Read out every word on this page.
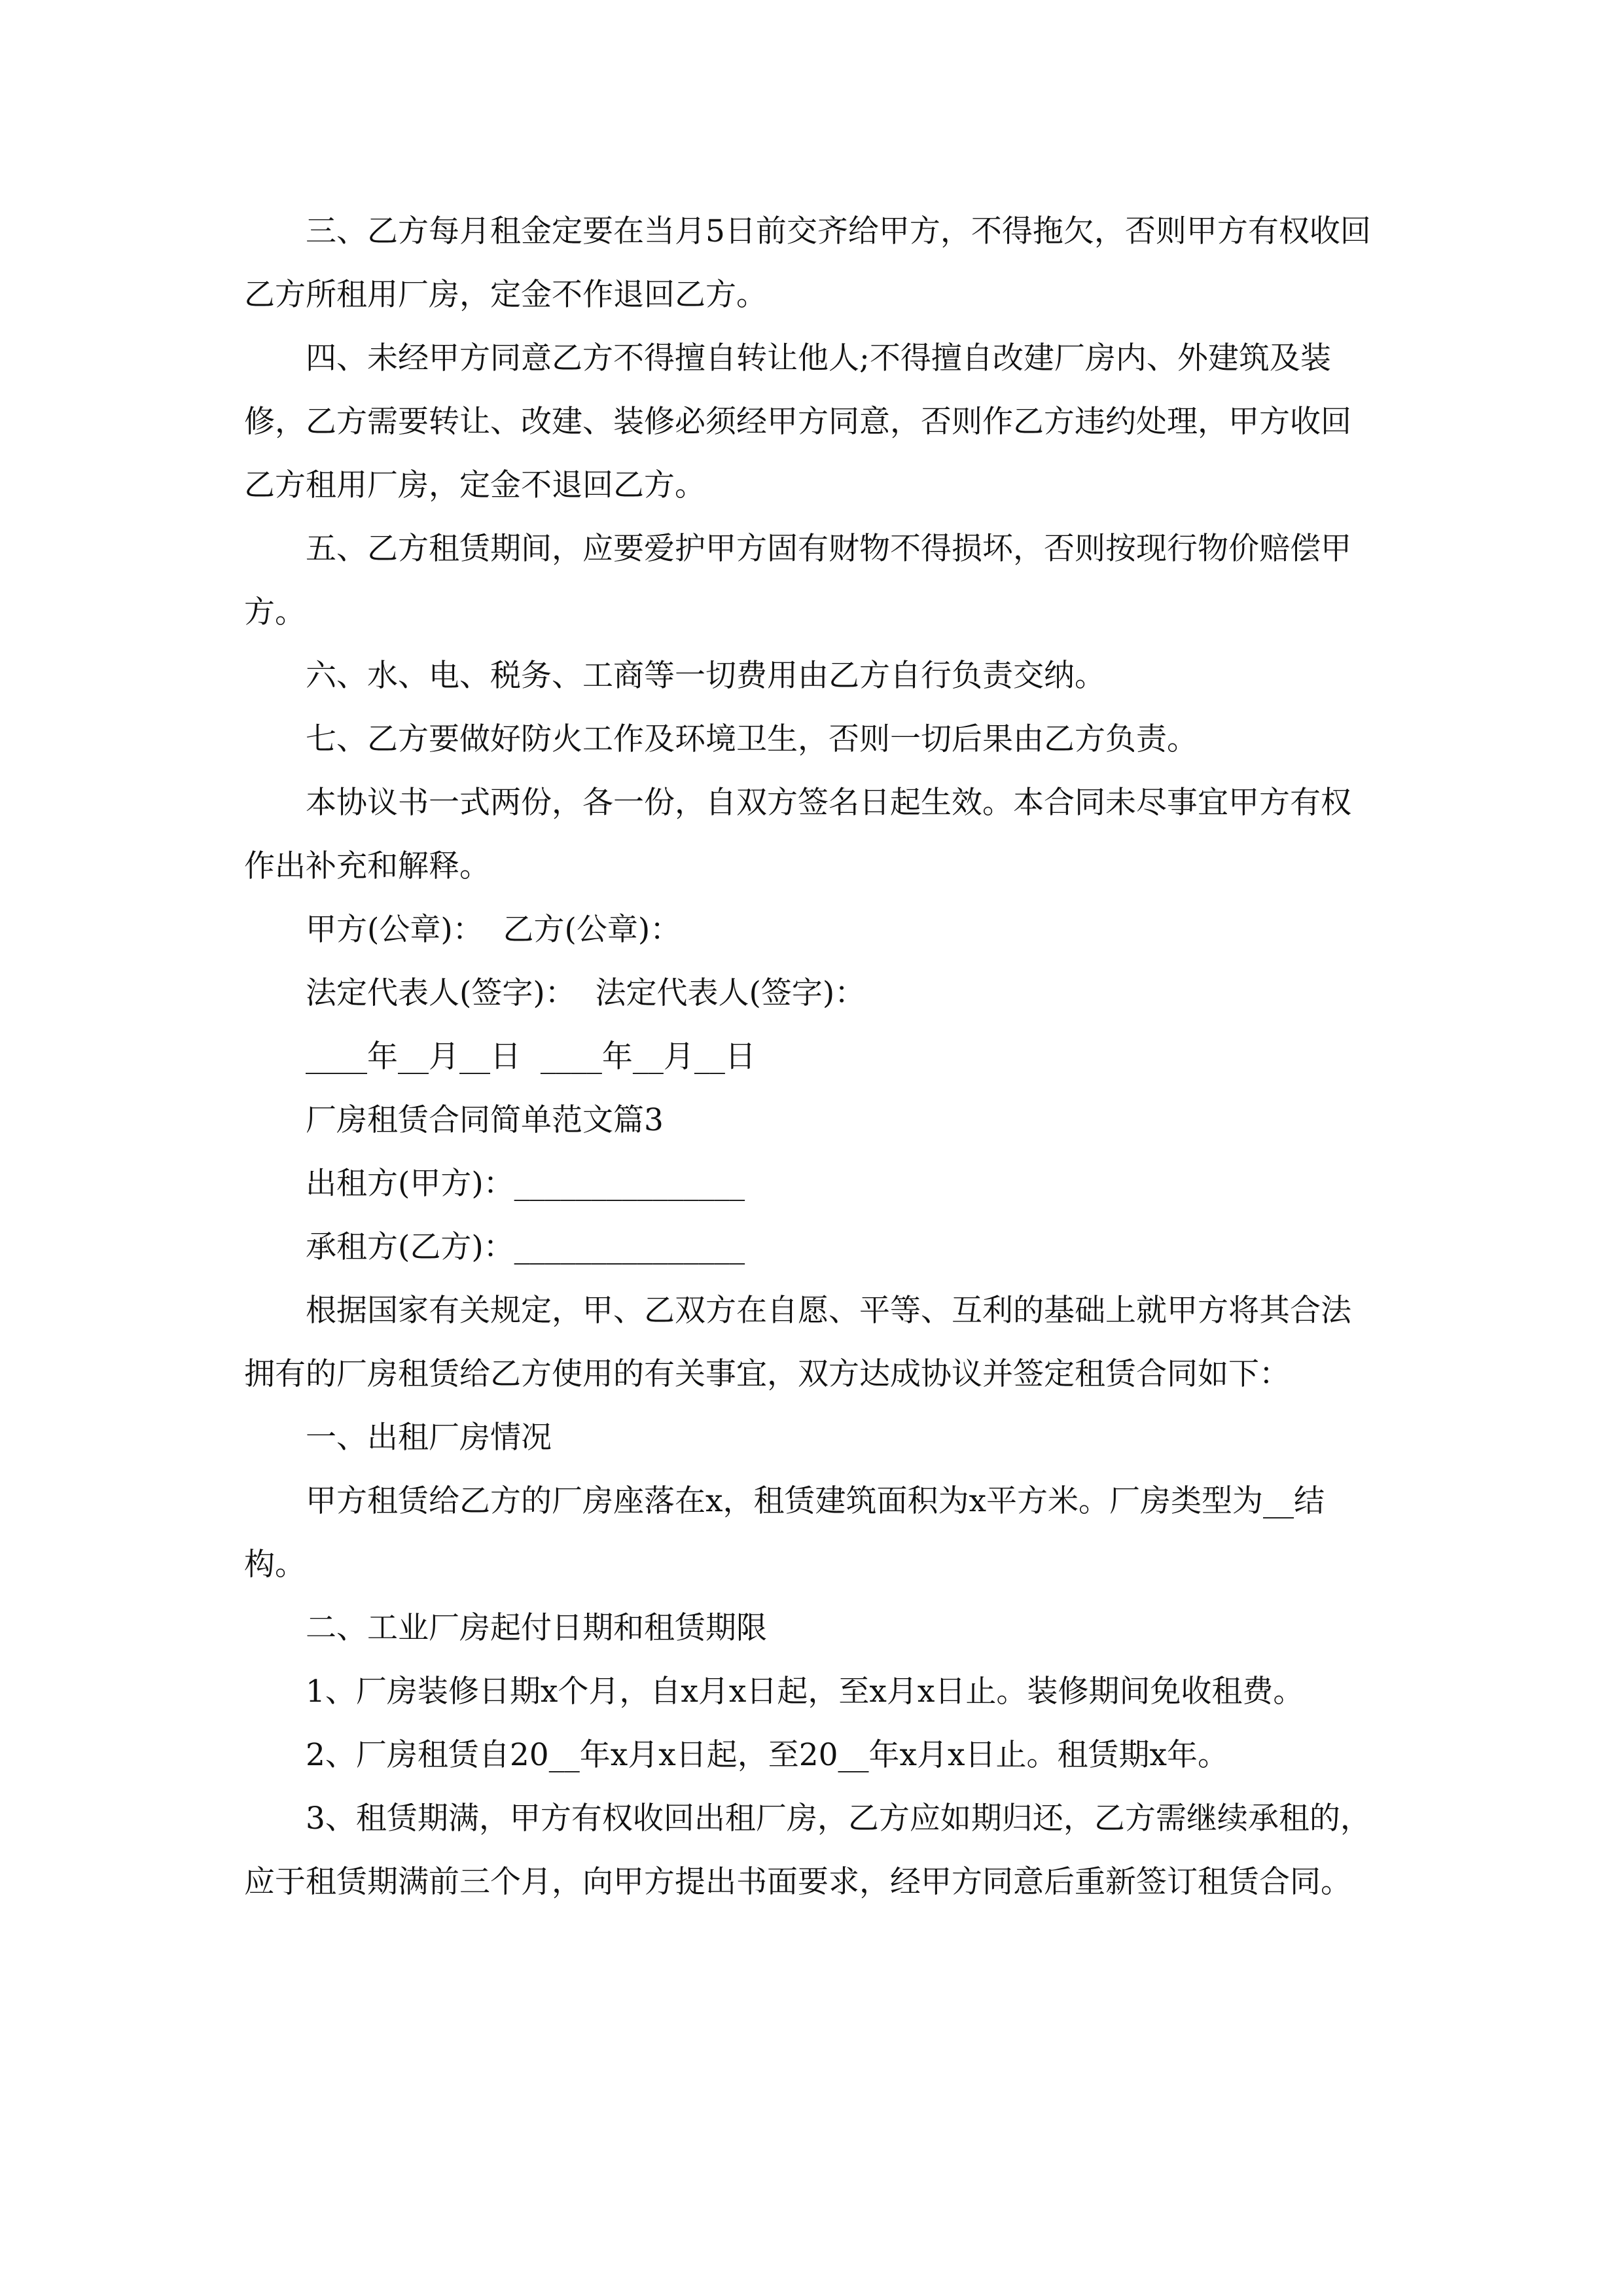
三、乙方每月租金定要在当月5日前交齐给甲方，不得拖欠，否则甲方有权收回乙方所租用厂房，定金不作退回乙方。

四、未经甲方同意乙方不得擅自转让他人;不得擅自改建厂房内、外建筑及装修，乙方需要转让、改建、装修必须经甲方同意，否则作乙方违约处理，甲方收回乙方租用厂房，定金不退回乙方。

五、乙方租赁期间，应要爱护甲方固有财物不得损坏，否则按现行物价赔偿甲方。

六、水、电、税务、工商等一切费用由乙方自行负责交纳。

七、乙方要做好防火工作及环境卫生，否则一切后果由乙方负责。

本协议书一式两份，各一份，自双方签名日起生效。本合同未尽事宜甲方有权作出补充和解释。

甲方(公章)：  乙方(公章)：

法定代表人(签字)：  法定代表人(签字)：

____年__月__日  ____年__月__日

厂房租赁合同简单范文篇3

出租方(甲方)：_______________

承租方(乙方)：_______________

根据国家有关规定，甲、乙双方在自愿、平等、互利的基础上就甲方将其合法拥有的厂房租赁给乙方使用的有关事宜，双方达成协议并签定租赁合同如下：

一、出租厂房情况

甲方租赁给乙方的厂房座落在x，租赁建筑面积为x平方米。厂房类型为__结构。

二、工业厂房起付日期和租赁期限

1、厂房装修日期x个月，自x月x日起，至x月x日止。装修期间免收租费。

2、厂房租赁自20__年x月x日起，至20__年x月x日止。租赁期x年。

3、租赁期满，甲方有权收回出租厂房，乙方应如期归还，乙方需继续承租的，应于租赁期满前三个月，向甲方提出书面要求，经甲方同意后重新签订租赁合同。
